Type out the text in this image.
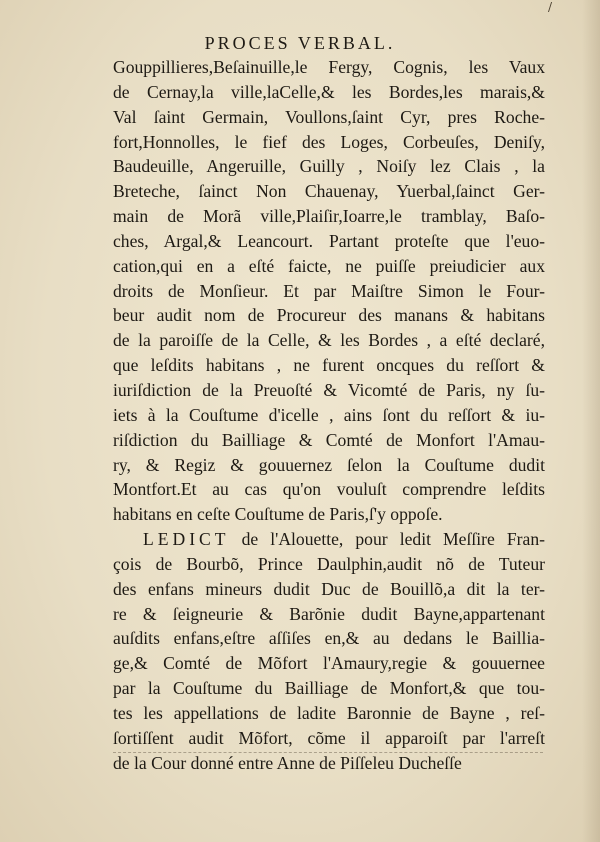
/
PROCES VERBAL.
Gouppillieres,Beſainuille,le Fergy, Cognis, les Vaux
de Cernay,la ville,laCelle,& les Bordes,les marais,&
Val ſaint Germain, Voullons,ſaint Cyr, pres Roche-
fort,Honnolles, le fief des Loges, Corbeuſes, Deniſy,
Baudeuille, Angeruille, Guilly , Noiſy lez Clais , la
Breteche, ſainct Non Chauenay, Yuerbal,ſainct Ger-
main de Morã ville,Plaiſir,Ioarre,le tramblay, Baſo-
ches, Argal,& Leancourt. Partant proteſte que l'euo-
cation,qui en a eſté faicte, ne puiſſe preiudicier aux
droits de Monſieur. Et par Maiſtre Simon le Four-
beur audit nom de Procureur des manans & habitans
de la paroiſſe de la Celle, & les Bordes , a eſté declaré,
que leſdits habitans , ne furent oncques du reſſort &
iuriſdiction de la Preuoſté & Vicomté de Paris, ny ſu-
iets à la Couſtume d'icelle , ains ſont du reſſort & iu-
riſdiction du Bailliage & Comté de Monfort l'Amau-
ry, & Regiz & gouuernez ſelon la Couſtume dudit
Montfort.Et au cas qu'on vouluſt comprendre leſdits
habitans en ceſte Couſtume de Paris,ſ'y oppoſe.
LEDICT de l'Alouette, pour ledit Meſſire Fran-
çois de Bourbõ, Prince Daulphin,audit nõ de Tuteur
des enfans mineurs dudit Duc de Bouillõ,a dit la ter-
re & ſeigneurie & Barõnie dudit Bayne,appartenant
auſdits enfans,eſtre aſſiſes en,& au dedans le Baillia-
ge,& Comté de Mõfort l'Amaury,regie & gouuernee
par la Couſtume du Bailliage de Monfort,& que tou-
tes les appellations de ladite Baronnie de Bayne , reſ-
ſortiſſent audit Mõfort, cõme il apparoiſt par l'arreſt
de la Cour donné entre Anne de Piſſeleu Ducheſſe
